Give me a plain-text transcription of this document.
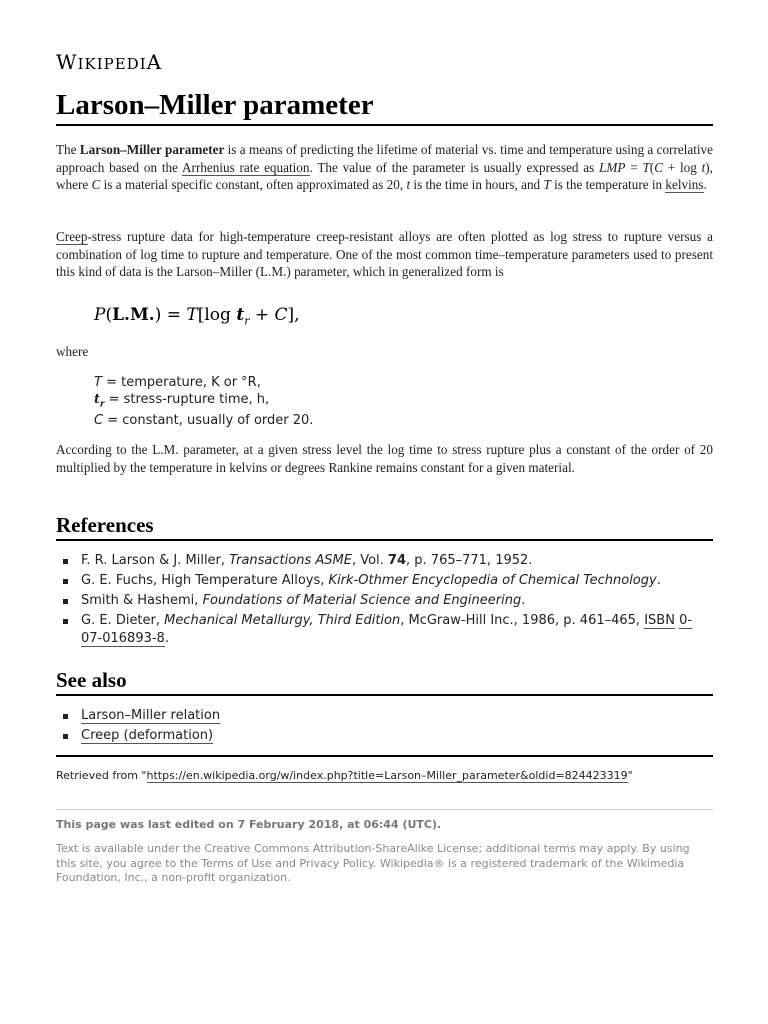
WIKIPEDIA
Larson–Miller parameter

The Larson–Miller parameter is a means of predicting the lifetime of material vs. time and temperature using a correlative approach based on the Arrhenius rate equation. The value of the parameter is usually expressed as LMP = T(C + log t), where C is a material specific constant, often approximated as 20, t is the time in hours, and T is the temperature in kelvins.

Creep-stress rupture data for high-temperature creep-resistant alloys are often plotted as log stress to rupture versus a combination of log time to rupture and temperature. One of the most common time–temperature parameters used to present this kind of data is the Larson–Miller (L.M.) parameter, which in generalized form is

P(L.M.) = T[log $t_r + C$],
where
T = temperature, K or °R,
$t_r$ = stress-rupture time, h,
C = constant, usually of order 20.

According to the L.M. parameter, at a given stress level the log time to stress rupture plus a constant of the order of 20 multiplied by the temperature in kelvins or degrees Rankine remains constant for a given material.

References
F. R. Larson & J. Miller, Transactions ASME, Vol. 74, p. 765–771, 1952.
G. E. Fuchs, High Temperature Alloys, Kirk-Othmer Encyclopedia of Chemical Technology.
Smith & Hashemi, Foundations of Material Science and Engineering.
G. E. Dieter, Mechanical Metallurgy, Third Edition, McGraw-Hill Inc., 1986, p. 461–465, ISBN 0-07-016893-8.
See also
Larson–Miller relation
Creep (deformation)
Retrieved from "https://en.wikipedia.org/w/index.php?title=Larson–Miller_parameter&oldid=824423319"
This page was last edited on 7 February 2018, at 06:44 (UTC).
Text is available under the Creative Commons Attribution-ShareAlike License; additional terms may apply. By using this site, you agree to the Terms of Use and Privacy Policy. Wikipedia® is a registered trademark of the Wikimedia Foundation, Inc., a non-profit organization.
